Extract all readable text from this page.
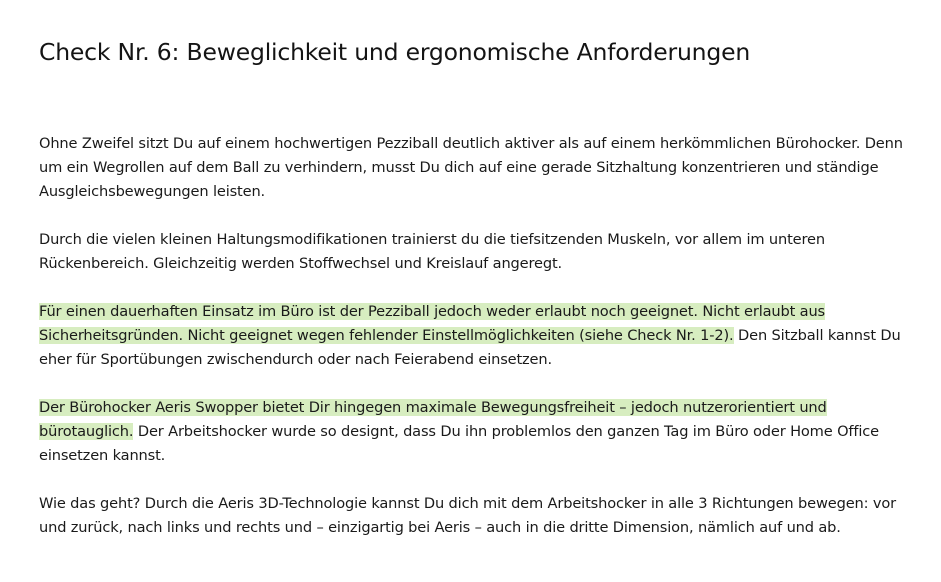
Check Nr. 6: Beweglichkeit und ergonomische Anforderungen

Ohne Zweifel sitzt Du auf einem hochwertigen Pezziball deutlich aktiver als auf einem herkömmlichen Bürohocker. Denn um ein Wegrollen auf dem Ball zu verhindern, musst Du dich auf eine gerade Sitzhaltung konzentrieren und ständige Ausgleichsbewegungen leisten.

Durch die vielen kleinen Haltungsmodifikationen trainierst du die tiefsitzenden Muskeln, vor allem im unteren Rückenbereich. Gleichzeitig werden Stoffwechsel und Kreislauf angeregt.

Für einen dauerhaften Einsatz im Büro ist der Pezziball jedoch weder erlaubt noch geeignet. Nicht erlaubt aus Sicherheitsgründen. Nicht geeignet wegen fehlender Einstellmöglichkeiten (siehe Check Nr. 1-2). Den Sitzball kannst Du eher für Sportübungen zwischendurch oder nach Feierabend einsetzen.

Der Bürohocker Aeris Swopper bietet Dir hingegen maximale Bewegungsfreiheit – jedoch nutzerorientiert und bürotauglich. Der Arbeitshocker wurde so designt, dass Du ihn problemlos den ganzen Tag im Büro oder Home Office einsetzen kannst.

Wie das geht? Durch die Aeris 3D-Technologie kannst Du dich mit dem Arbeitshocker in alle 3 Richtungen bewegen: vor und zurück, nach links und rechts und – einzigartig bei Aeris – auch in die dritte Dimension, nämlich auf und ab.
